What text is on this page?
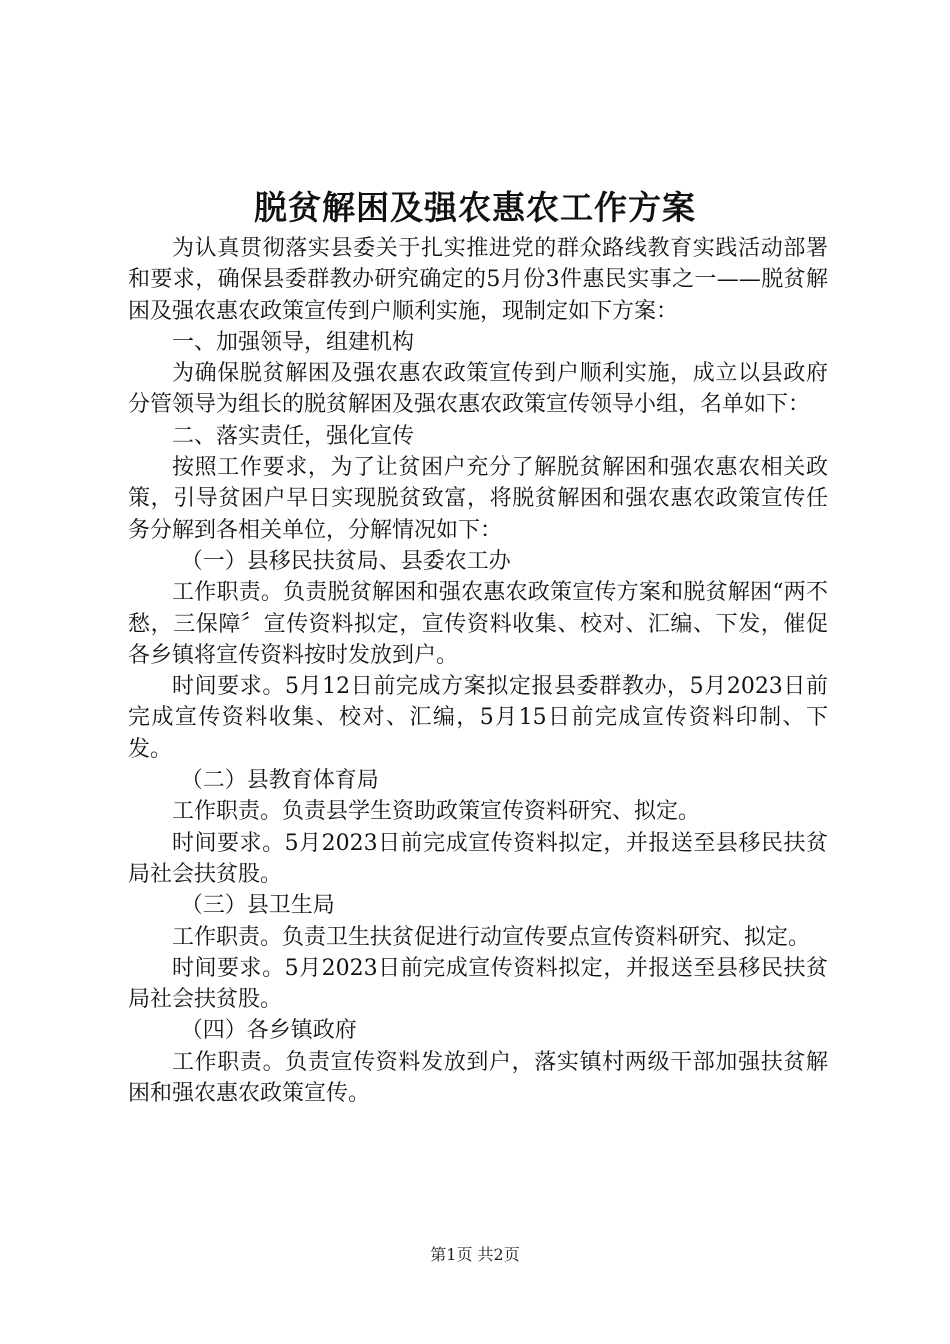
脱贫解困及强农惠农工作方案

为认真贯彻落实县委关于扎实推进党的群众路线教育实践活动部署和要求，确保县委群教办研究确定的5月份3件惠民实事之一——脱贫解困及强农惠农政策宣传到户顺利实施，现制定如下方案：

一、加强领导，组建机构

为确保脱贫解困及强农惠农政策宣传到户顺利实施，成立以县政府分管领导为组长的脱贫解困及强农惠农政策宣传领导小组，名单如下：

二、落实责任，强化宣传

按照工作要求，为了让贫困户充分了解脱贫解困和强农惠农相关政策，引导贫困户早日实现脱贫致富，将脱贫解困和强农惠农政策宣传任务分解到各相关单位，分解情况如下：

（一）县移民扶贫局、县委农工办

工作职责。负责脱贫解困和强农惠农政策宣传方案和脱贫解困“两不愁，三保障〞宣传资料拟定，宣传资料收集、校对、汇编、下发，催促各乡镇将宣传资料按时发放到户。

时间要求。5月12日前完成方案拟定报县委群教办，5月2023日前完成宣传资料收集、校对、汇编，5月15日前完成宣传资料印制、下发。

（二）县教育体育局

工作职责。负责县学生资助政策宣传资料研究、拟定。

时间要求。5月2023日前完成宣传资料拟定，并报送至县移民扶贫局社会扶贫股。

（三）县卫生局

工作职责。负责卫生扶贫促进行动宣传要点宣传资料研究、拟定。

时间要求。5月2023日前完成宣传资料拟定，并报送至县移民扶贫局社会扶贫股。

（四）各乡镇政府

工作职责。负责宣传资料发放到户，落实镇村两级干部加强扶贫解困和强农惠农政策宣传。

第1页 共2页
